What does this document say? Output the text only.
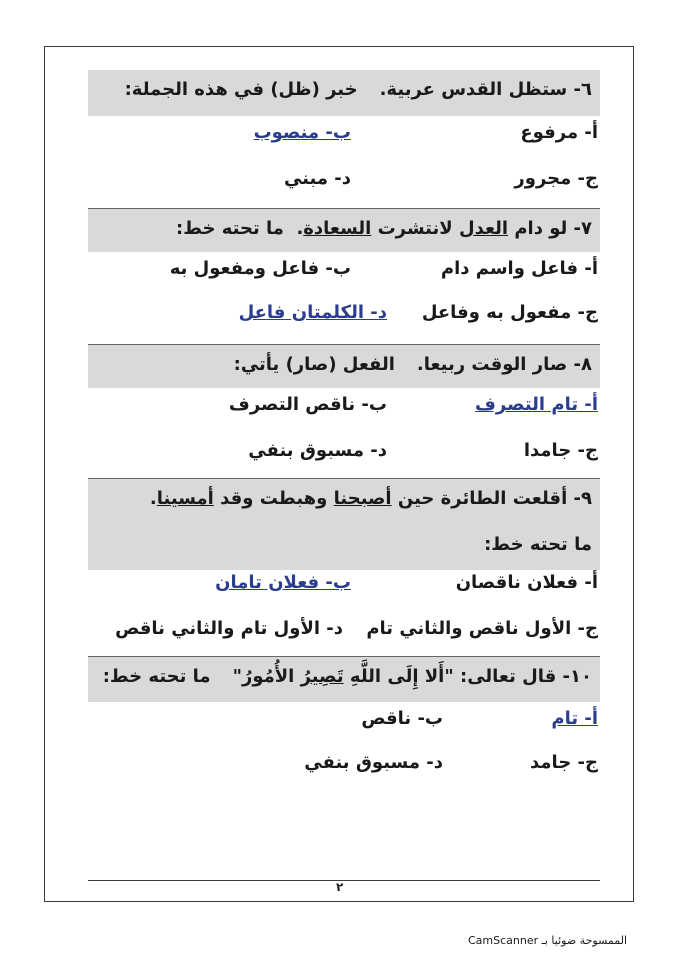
٦- ستظل القدس عربية.خبر (ظل) في هذه الجملة:
أ- مرفوع
ب- منصوب
ج- مجرور
د- مبني
٧- لو دام العدل لانتشرت السعادة.  ما تحته خط:
أ- فاعل واسم دام
ب- فاعل ومفعول به
ج- مفعول به وفاعل
د- الكلمتان فاعل
٨- صار الوقت ربيعا.الفعل (صار) يأتي:
أ- تام التصرف
ب- ناقص التصرف
ج- جامدا
د- مسبوق بنفي
٩- أقلعت الطائرة حين أصبحنا وهبطت وقد أمسينا.
ما تحته خط:
أ- فعلان ناقصان
ب- فعلان تامان
ج- الأول ناقص والثاني تام
د- الأول تام والثاني ناقص
١٠- قال تعالى: "أَلا إِلَى اللَّهِ تَصِيرُ الأُمُورُ"ما تحته خط:
أ- تام
ب- ناقص
ج- جامد
د- مسبوق بنفي
٢
الممسوحة ضوئيا بـ CamScanner
